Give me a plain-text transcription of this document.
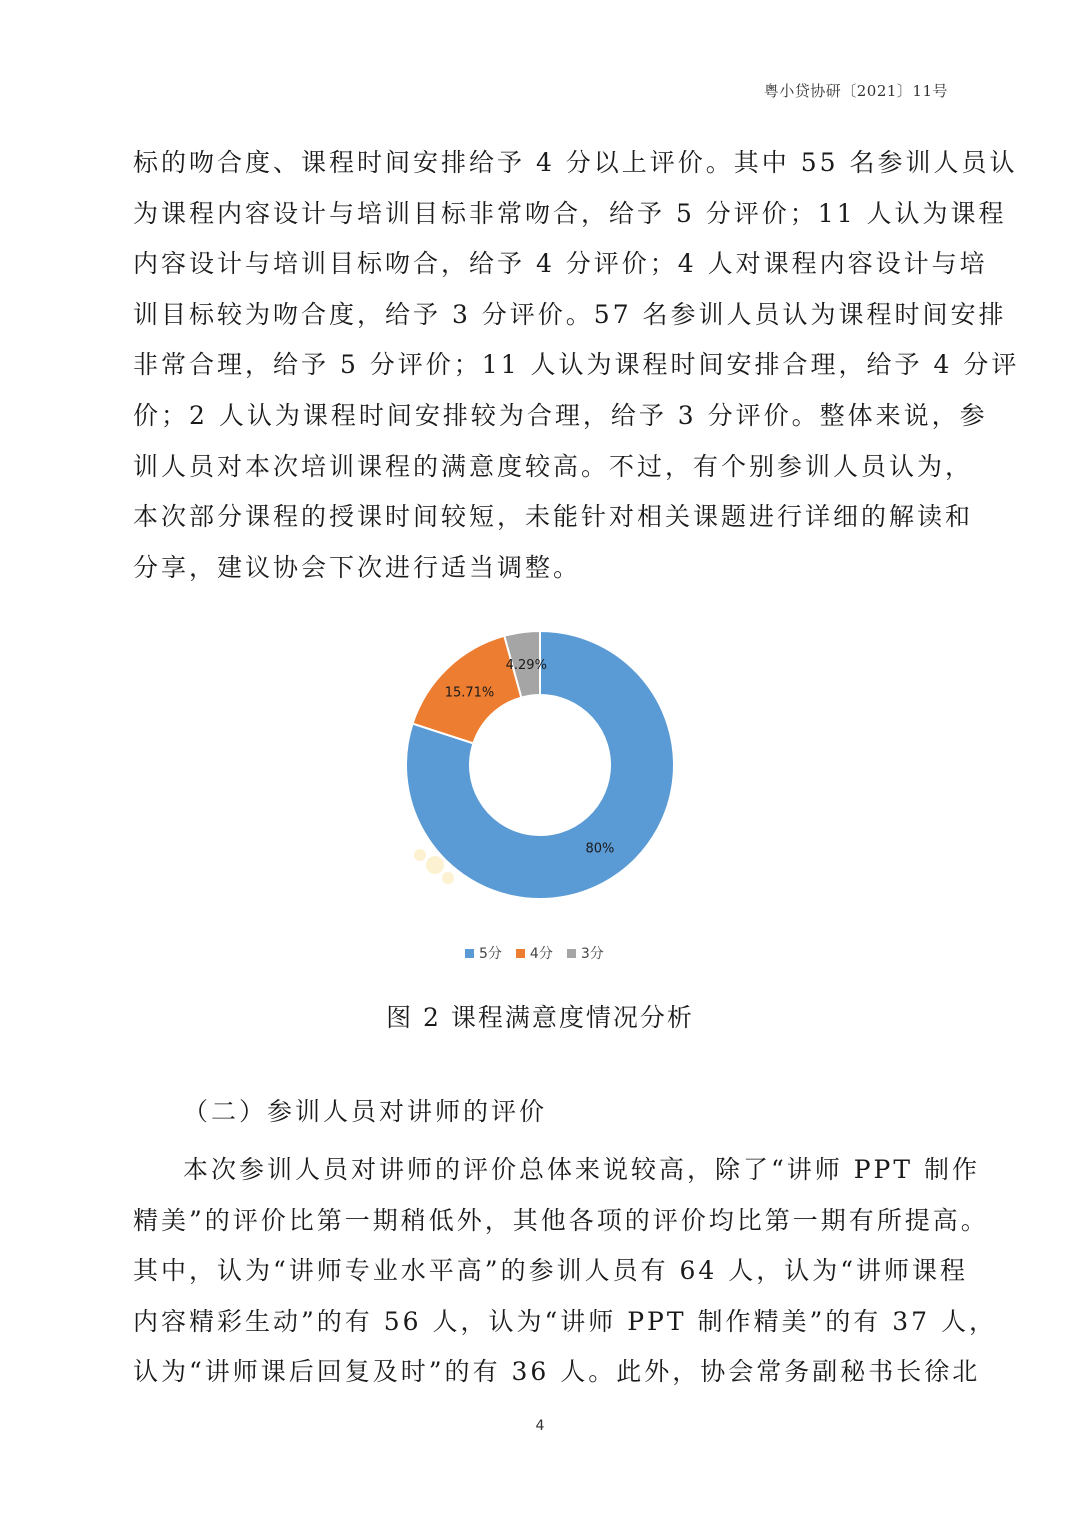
粤小贷协研〔2021〕11号

标的吻合度、课程时间安排给予 4 分以上评价。其中 55 名参训人员认
为课程内容设计与培训目标非常吻合，给予 5 分评价；11 人认为课程
内容设计与培训目标吻合，给予 4 分评价；4 人对课程内容设计与培
训目标较为吻合度，给予 3 分评价。57 名参训人员认为课程时间安排
非常合理，给予 5 分评价；11 人认为课程时间安排合理，给予 4 分评
价；2 人认为课程时间安排较为合理，给予 3 分评价。整体来说，参
训人员对本次培训课程的满意度较高。不过，有个别参训人员认为，
本次部分课程的授课时间较短，未能针对相关课题进行详细的解读和
分享，建议协会下次进行适当调整。

80%
15.71%
4.29%
5分 4分 3分

图 2 课程满意度情况分析

（二）参训人员对讲师的评价

本次参训人员对讲师的评价总体来说较高，除了“讲师 PPT 制作
精美”的评价比第一期稍低外，其他各项的评价均比第一期有所提高。
其中，认为“讲师专业水平高”的参训人员有 64 人，认为“讲师课程
内容精彩生动”的有 56 人，认为“讲师 PPT 制作精美”的有 37 人，
认为“讲师课后回复及时”的有 36 人。此外，协会常务副秘书长徐北

4
